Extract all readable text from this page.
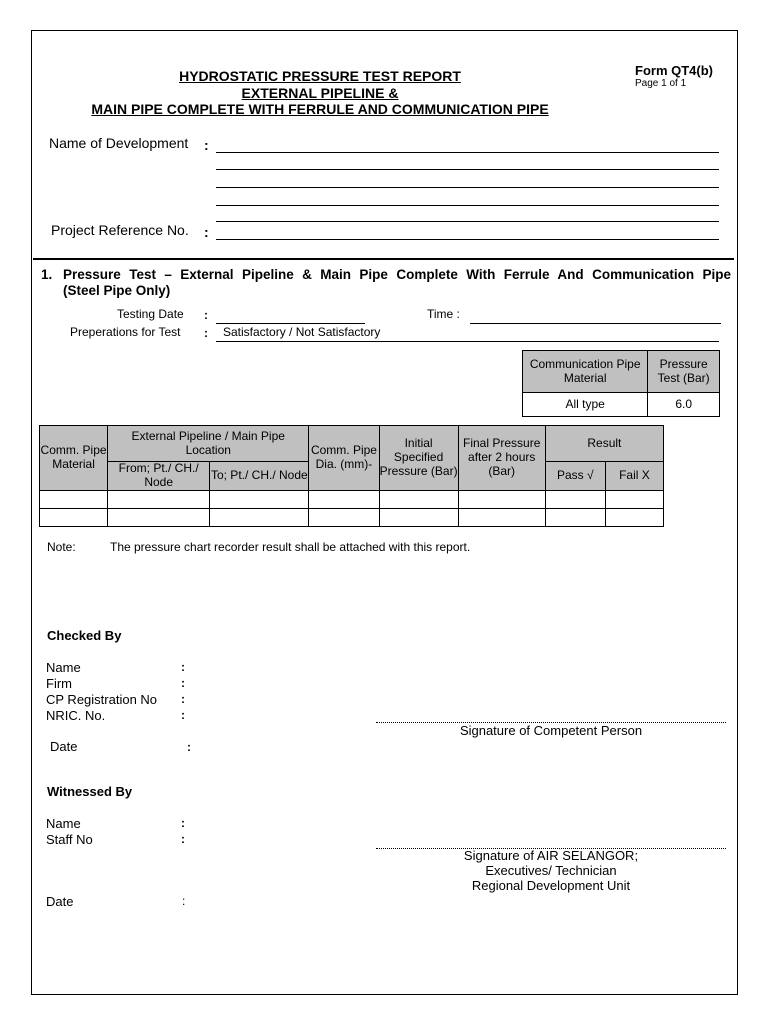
HYDROSTATIC PRESSURE TEST REPORT
EXTERNAL PIPELINE &
MAIN PIPE COMPLETE WITH FERRULE AND COMMUNICATION PIPE
Form QT4(b)
Page 1 of 1
Name of Development :
Project Reference No. :
1. Pressure Test – External Pipeline & Main Pipe Complete With Ferrule And Communication Pipe
(Steel Pipe Only)
Testing Date :	Time :
Preperations for Test : Satisfactory / Not Satisfactory
Communication Pipe Material	Pressure Test (Bar)
All type	6.0
Comm. Pipe Material	External Pipeline / Main Pipe Location		Comm. Pipe Dia. (mm)-	Initial Specified Pressure (Bar)	Final Pressure after 2 hours (Bar)	Result	
	From; Pt./ CH./ Node	To; Pt./ CH./ Node				Pass √	Fail X

Note:	The pressure chart recorder result shall be attached with this report.
Checked By
Name	:
Firm	:
CP Registration No :
NRIC. No.	:
Date	:
Signature of Competent Person
Witnessed By
Name	:
Staff No	:
Signature of AIR SELANGOR;
Executives/ Technician
Regional Development Unit
Date	:
